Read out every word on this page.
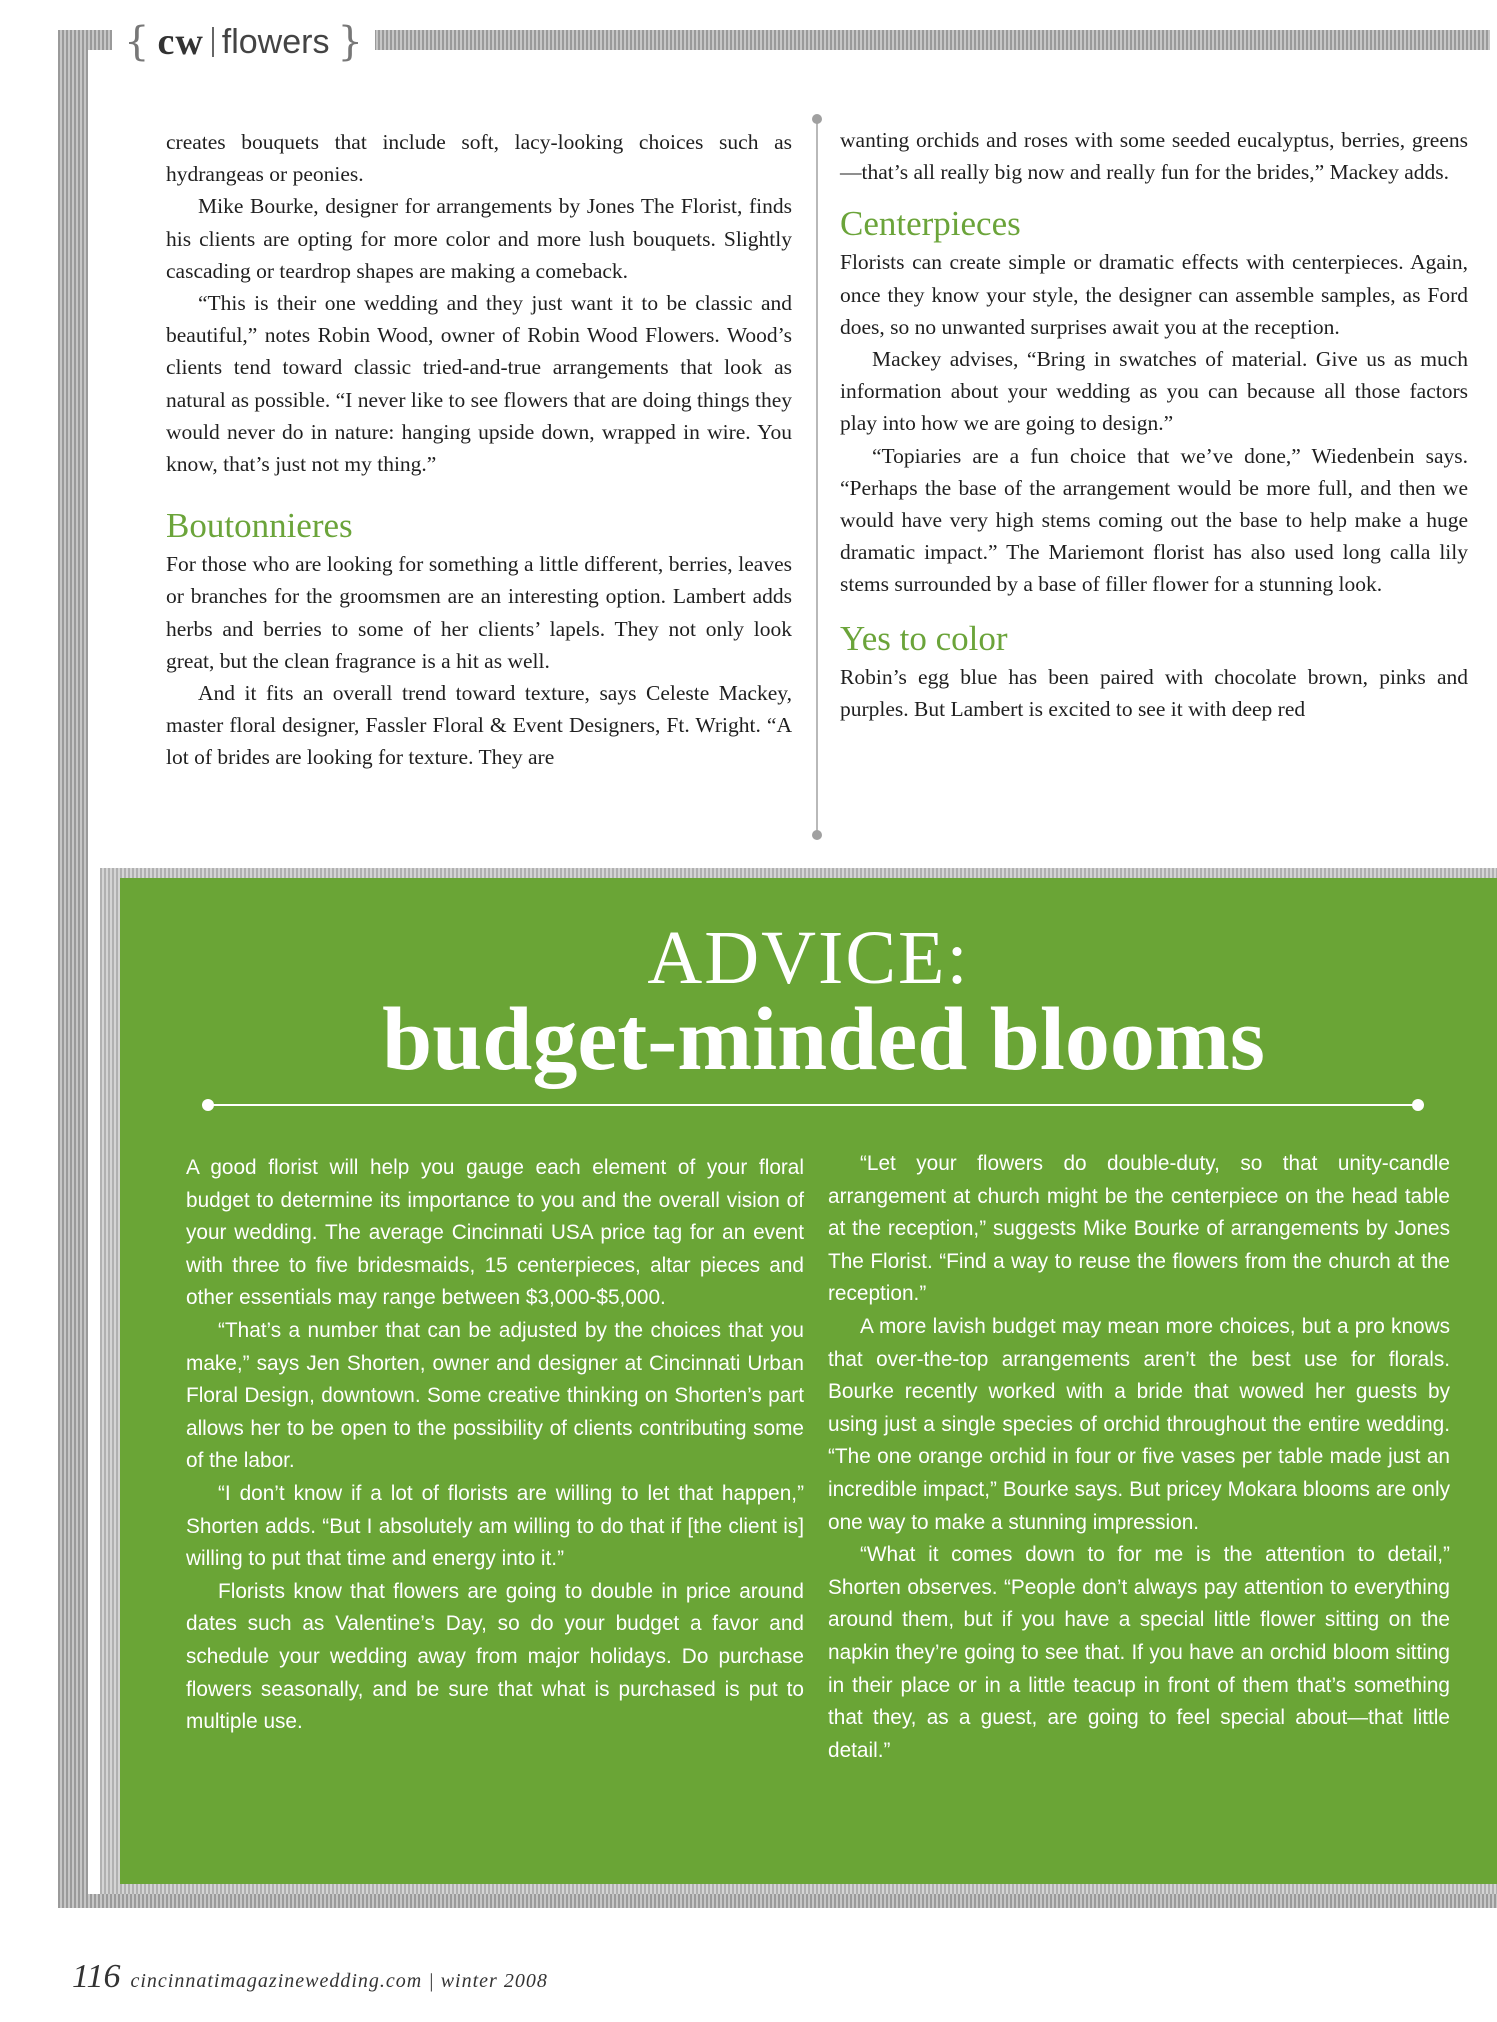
{ cw flowers }

creates bouquets that include soft, lacy-looking choices such as hydrangeas or peonies.

Mike Bourke, designer for arrangements by Jones The Florist, finds his clients are opting for more color and more lush bouquets. Slightly cascading or teardrop shapes are making a comeback.

“This is their one wedding and they just want it to be classic and beautiful,” notes Robin Wood, owner of Robin Wood Flowers. Wood’s clients tend toward classic tried-and-true arrangements that look as natural as possible. “I never like to see flowers that are doing things they would never do in nature: hanging upside down, wrapped in wire. You know, that’s just not my thing.”

Boutonnieres

For those who are looking for something a little different, berries, leaves or branches for the groomsmen are an interesting option. Lambert adds herbs and berries to some of her clients’ lapels. They not only look great, but the clean fragrance is a hit as well.

And it fits an overall trend toward texture, says Celeste Mackey, master floral designer, Fassler Floral & Event Designers, Ft. Wright. “A lot of brides are looking for texture. They are

wanting orchids and roses with some seeded eucalyptus, berries, greens—that’s all really big now and really fun for the brides,” Mackey adds.

Centerpieces

Florists can create simple or dramatic effects with centerpieces. Again, once they know your style, the designer can assemble samples, as Ford does, so no unwanted surprises await you at the reception.

Mackey advises, “Bring in swatches of material. Give us as much information about your wedding as you can because all those factors play into how we are going to design.”

“Topiaries are a fun choice that we’ve done,” Wiedenbein says. “Perhaps the base of the arrangement would be more full, and then we would have very high stems coming out the base to help make a huge dramatic impact.” The Mariemont florist has also used long calla lily stems surrounded by a base of filler flower for a stunning look.

Yes to color

Robin’s egg blue has been paired with chocolate brown, pinks and purples. But Lambert is excited to see it with deep red

ADVICE:
budget-minded blooms

A good florist will help you gauge each element of your floral budget to determine its importance to you and the overall vision of your wedding. The average Cincinnati USA price tag for an event with three to five bridesmaids, 15 centerpieces, altar pieces and other essentials may range between $3,000-$5,000.

“That’s a number that can be adjusted by the choices that you make,” says Jen Shorten, owner and designer at Cincinnati Urban Floral Design, downtown. Some creative thinking on Shorten’s part allows her to be open to the possibility of clients contributing some of the labor.

“I don’t know if a lot of florists are willing to let that happen,” Shorten adds. “But I absolutely am willing to do that if [the client is] willing to put that time and energy into it.”

Florists know that flowers are going to double in price around dates such as Valentine’s Day, so do your budget a favor and schedule your wedding away from major holidays. Do purchase flowers seasonally, and be sure that what is purchased is put to multiple use.

“Let your flowers do double-duty, so that unity-candle arrangement at church might be the centerpiece on the head table at the reception,” suggests Mike Bourke of arrangements by Jones The Florist. “Find a way to reuse the flowers from the church at the reception.”

A more lavish budget may mean more choices, but a pro knows that over-the-top arrangements aren’t the best use for florals. Bourke recently worked with a bride that wowed her guests by using just a single species of orchid throughout the entire wedding. “The one orange orchid in four or five vases per table made just an incredible impact,” Bourke says. But pricey Mokara blooms are only one way to make a stunning impression.

“What it comes down to for me is the attention to detail,” Shorten observes. “People don’t always pay attention to everything around them, but if you have a special little flower sitting on the napkin they’re going to see that. If you have an orchid bloom sitting in their place or in a little teacup in front of them that’s something that they, as a guest, are going to feel special about—that little detail.”

116 cincinnatimagazinewedding.com | winter 2008
